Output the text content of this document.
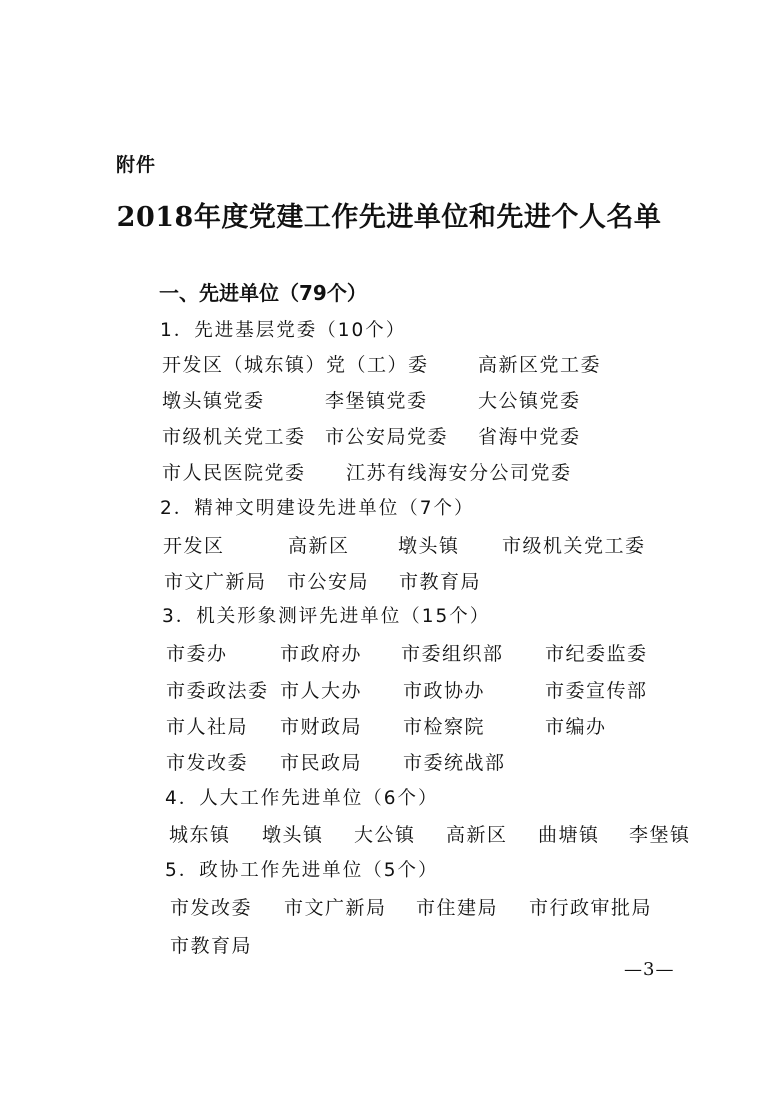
附件
2018年度党建工作先进单位和先进个人名单
一、先进单位（79个）
1．先进基层党委（10个）
开发区（城东镇）党（工）委	高新区党工委
墩头镇党委	李堡镇党委	大公镇党委
市级机关党工委 市公安局党委 省海中党委
市人民医院党委 江苏有线海安分公司党委
2．精神文明建设先进单位（7个）
开发区	高新区	墩头镇 市级机关党工委
市文广新局 市公安局 市教育局
3．机关形象测评先进单位（15个）
市委办	市政府办 市委组织部 市纪委监委
市委政法委 市人大办 市政协办	市委宣传部
市人社局 市财政局 市检察院	市编办
市发改委 市民政局 市委统战部
4．人大工作先进单位（6个）
城东镇 墩头镇 大公镇 高新区 曲塘镇 李堡镇
5．政协工作先进单位（5个）
市发改委 市文广新局 市住建局 市行政审批局
市教育局
—3—
